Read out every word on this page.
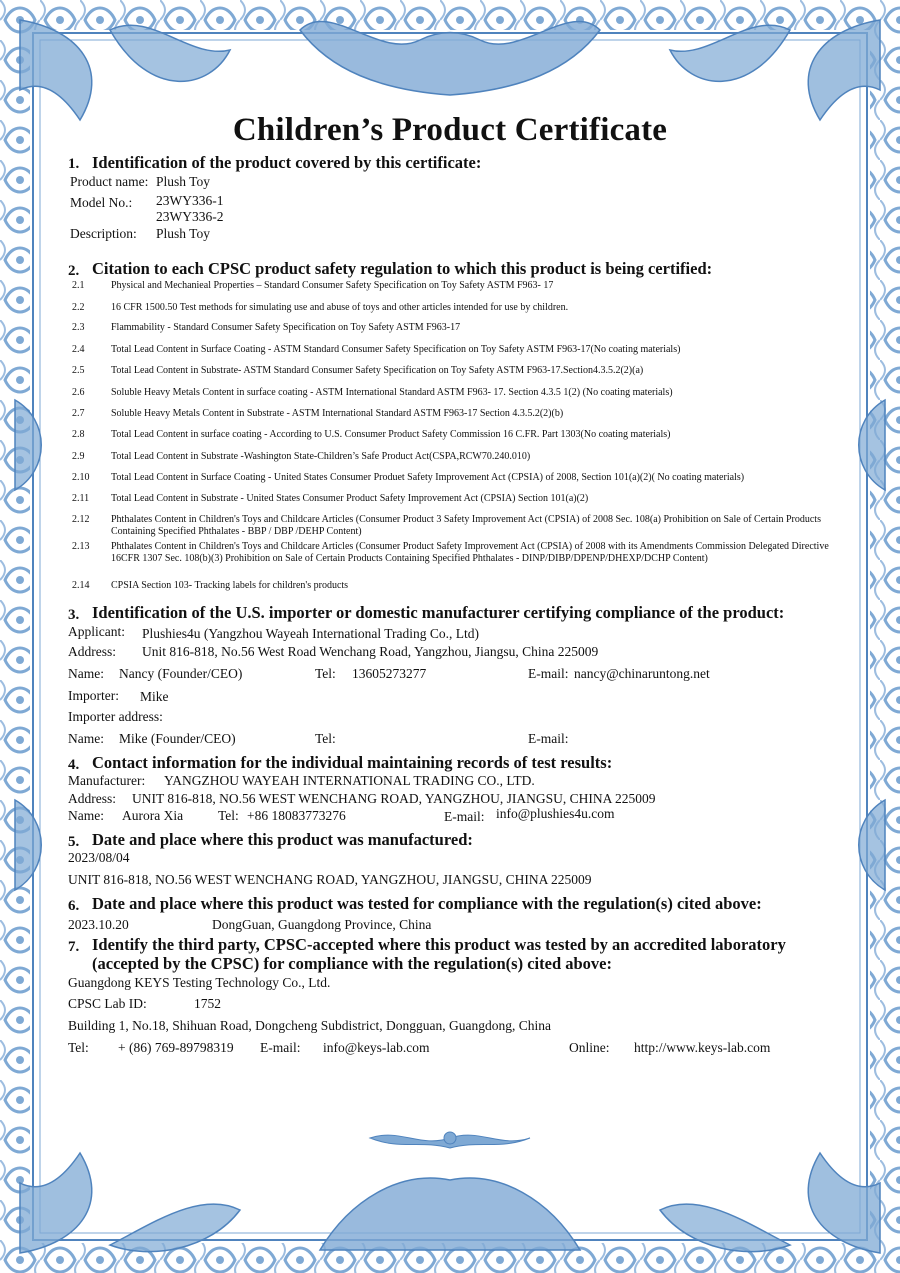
Children’s Product Certificate
1. Identification of the product covered by this certificate:
Product name: Plush Toy
Model No.: 23WY336-1
23WY336-2
Description: Plush Toy
2. Citation to each CPSC product safety regulation to which this product is being certified:
2.1	Physical and Mechanieal Properties – Standard Consumer Safety Specification on Toy Safety ASTM F963- 17
2.2	16 CFR 1500.50 Test methods for simulating use and abuse of toys and other articles intended for use by children.
2.3	Flammability - Standard Consumer Safety Specification on Toy Safety ASTM F963-17
2.4	Total Lead Content in Surface Coating - ASTM Standard Consumer Safety Specification on Toy Safety ASTM F963-17(No coating materials)
2.5	Total Lead Content in Substrate- ASTM Standard Consumer Safety Specification on Toy Safety ASTM F963-17.Section4.3.5.2(2)(a)
2.6	Soluble Heavy Metals Content in surface coating - ASTM International Standard ASTM F963- 17. Section 4.3.5 1(2) (No coating materials)
2.7	Soluble Heavy Metals Content in Substrate - ASTM International Standard ASTM F963-17 Section 4.3.5.2(2)(b)
2.8	Total Lead Content in surface coating - According to U.S. Consumer Product Safety Commission 16 C.FR. Part 1303(No coating materials)
2.9	Total Lead Content in Substrate -Washington State-Children’s Safe Product Act(CSPA,RCW70.240.010)
2.10 Total Lead Content in Surface Coating - United States Consumer Produet Safety Improvement Act (CPSIA) of 2008, Section 101(a)(2)( No coating materials)
2.11 Total Lead Content in Substrate - United States Consumer Product Safety Improvement Act (CPSIA) Section 101(a)(2)
2.12 Phthalates Content in Children's Toys and Childcare Articles (Consumer Product 3 Safety Improvement Act (CPSIA) of 2008 Sec. 108(a) Prohibition on Sale of Certain Products Containing Specified Phthalates - BBP / DBP /DEHP Content)
2.13 Phthalates Content in Children's Toys and Childcare Articles (Consumer Product Safety Improvement Act (CPSIA) of 2008 with its Amendments Commission Delegated Directive 16CFR 1307 Sec. 108(b)(3) Prohibition on Sale of Certain Products Containing Specified Phthalates - DINP/DIBP/DPENP/DHEXP/DCHP Content)
2.14 CPSIA Section 103- Tracking labels for children's products
3. Identification of the U.S. importer or domestic manufacturer certifying compliance of the product:
Applicant: Plushies4u (Yangzhou Wayeah International Trading Co., Ltd)
Address: Unit 816-818, No.56 West Road Wenchang Road, Yangzhou, Jiangsu, China 225009
Name: Nancy (Founder/CEO)	Tel: 13605273277	E-mail: nancy@chinaruntong.net
Importer: Mike
Importer address:
Name: Mike (Founder/CEO)	Tel:	E-mail:
4. Contact information for the individual maintaining records of test results:
Manufacturer: YANGZHOU WAYEAH INTERNATIONAL TRADING CO., LTD.
Address: UNIT 816-818, NO.56 WEST WENCHANG ROAD, YANGZHOU, JIANGSU, CHINA 225009
Name: Aurora Xia	Tel: +86 18083773276	E-mail: info@plushies4u.com
5. Date and place where this product was manufactured:
2023/08/04
UNIT 816-818, NO.56 WEST WENCHANG ROAD, YANGZHOU, JIANGSU, CHINA 225009
6. Date and place where this product was tested for compliance with the regulation(s) cited above:
2023.10.20	DongGuan, Guangdong Province, China
7. Identify the third party, CPSC-accepted where this product was tested by an accredited laboratory
(accepted by the CPSC) for compliance with the regulation(s) cited above:
Guangdong KEYS Testing Technology Co., Ltd.
CPSC Lab ID:	1752
Building 1, No.18, Shihuan Road, Dongcheng Subdistrict, Dongguan, Guangdong, China
Tel: + (86) 769-89798319 E-mail: info@keys-lab.com	Online: http://www.keys-lab.com
